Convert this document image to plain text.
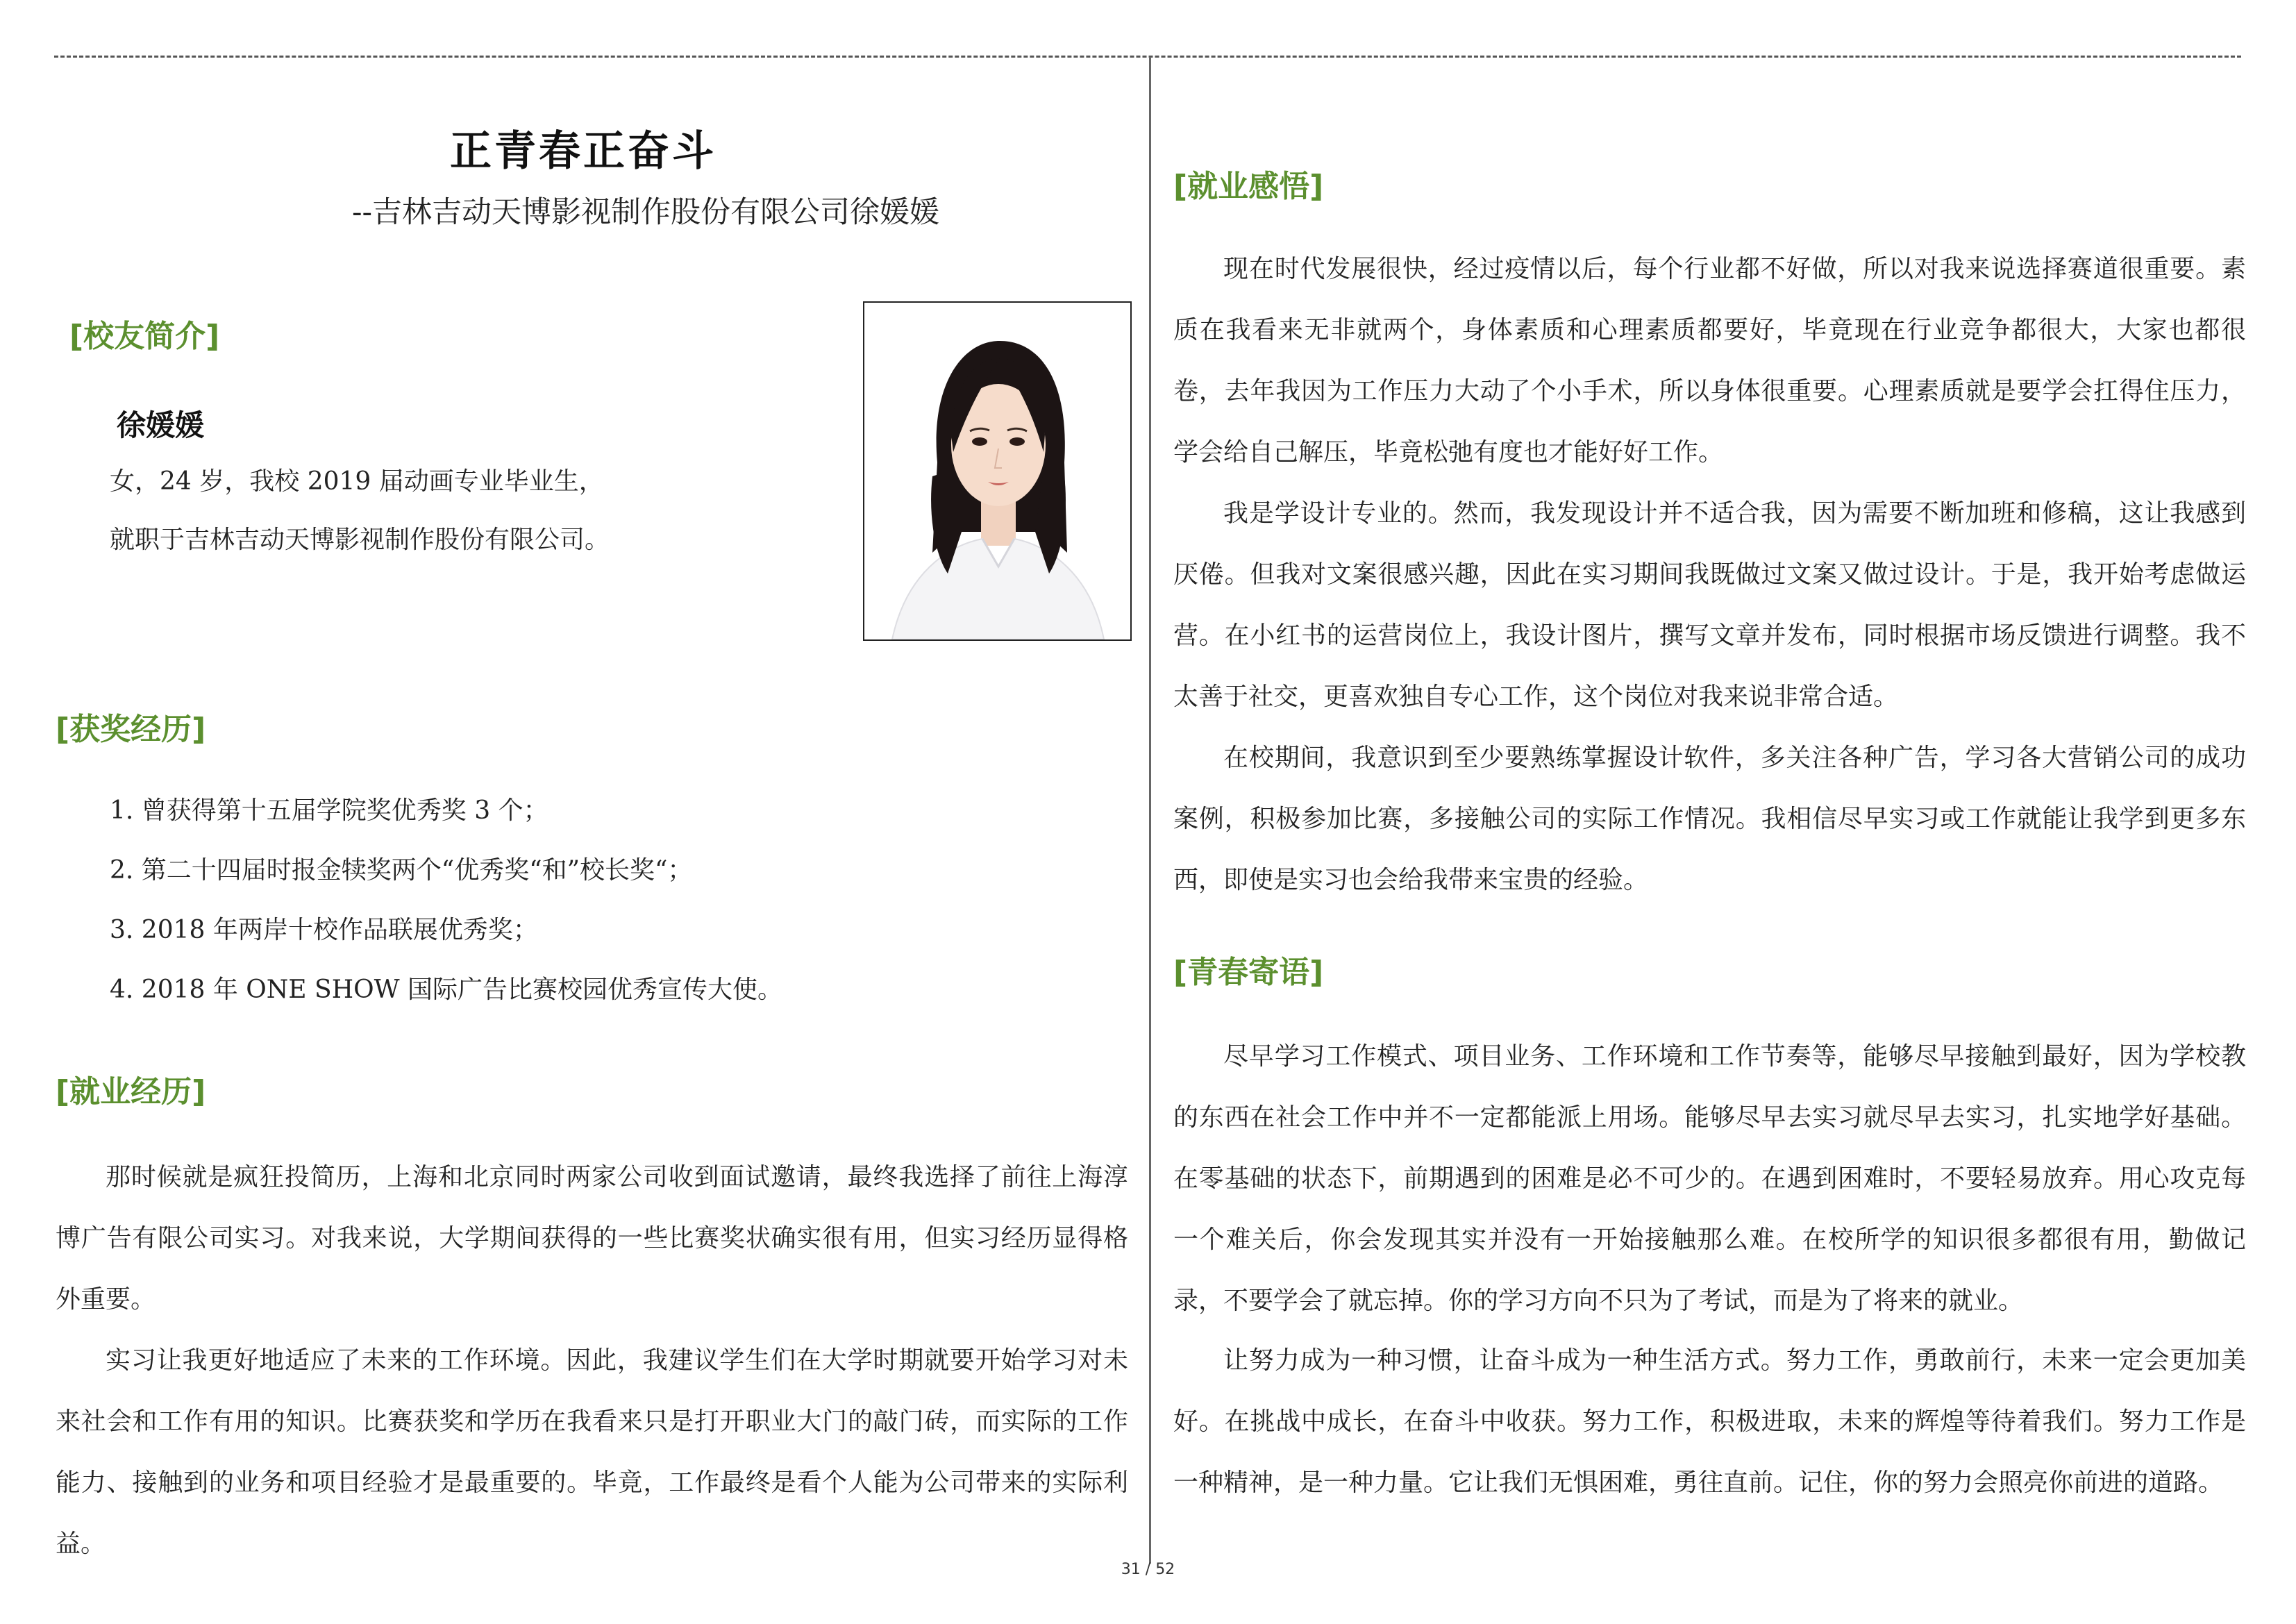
正青春正奋斗
--吉林吉动天博影视制作股份有限公司徐媛媛
[校友简介]
徐媛媛
女，24 岁，我校 2019 届动画专业毕业生，
就职于吉林吉动天博影视制作股份有限公司。
[获奖经历]
1. 曾获得第十五届学院奖优秀奖 3 个；
2. 第二十四届时报金犊奖两个“优秀奖“和”校长奖“；
3. 2018 年两岸十校作品联展优秀奖；
4. 2018 年 ONE SHOW 国际广告比赛校园优秀宣传大使。
[就业经历]

那时候就是疯狂投简历，上海和北京同时两家公司收到面试邀请，最终我选择了前往上海淳博广告有限公司实习。对我来说，大学期间获得的一些比赛奖状确实很有用，但实习经历显得格外重要。

实习让我更好地适应了未来的工作环境。因此，我建议学生们在大学时期就要开始学习对未来社会和工作有用的知识。比赛获奖和学历在我看来只是打开职业大门的敲门砖，而实际的工作能力、接触到的业务和项目经验才是最重要的。毕竟，工作最终是看个人能为公司带来的实际利益。

[就业感悟]

现在时代发展很快，经过疫情以后，每个行业都不好做，所以对我来说选择赛道很重要。素质在我看来无非就两个，身体素质和心理素质都要好，毕竟现在行业竞争都很大，大家也都很卷，去年我因为工作压力大动了个小手术，所以身体很重要。心理素质就是要学会扛得住压力，学会给自己解压，毕竟松弛有度也才能好好工作。

我是学设计专业的。然而，我发现设计并不适合我，因为需要不断加班和修稿，这让我感到厌倦。但我对文案很感兴趣，因此在实习期间我既做过文案又做过设计。于是，我开始考虑做运营。在小红书的运营岗位上，我设计图片，撰写文章并发布，同时根据市场反馈进行调整。我不太善于社交，更喜欢独自专心工作，这个岗位对我来说非常合适。

在校期间，我意识到至少要熟练掌握设计软件，多关注各种广告，学习各大营销公司的成功案例，积极参加比赛，多接触公司的实际工作情况。我相信尽早实习或工作就能让我学到更多东西，即使是实习也会给我带来宝贵的经验。

[青春寄语]

尽早学习工作模式、项目业务、工作环境和工作节奏等，能够尽早接触到最好，因为学校教的东西在社会工作中并不一定都能派上用场。能够尽早去实习就尽早去实习，扎实地学好基础。在零基础的状态下，前期遇到的困难是必不可少的。在遇到困难时，不要轻易放弃。用心攻克每一个难关后，你会发现其实并没有一开始接触那么难。在校所学的知识很多都很有用，勤做记录，不要学会了就忘掉。你的学习方向不只为了考试，而是为了将来的就业。

让努力成为一种习惯，让奋斗成为一种生活方式。努力工作，勇敢前行，未来一定会更加美好。在挑战中成长，在奋斗中收获。努力工作，积极进取，未来的辉煌等待着我们。努力工作是一种精神，是一种力量。它让我们无惧困难，勇往直前。记住，你的努力会照亮你前进的道路。

31 / 52
